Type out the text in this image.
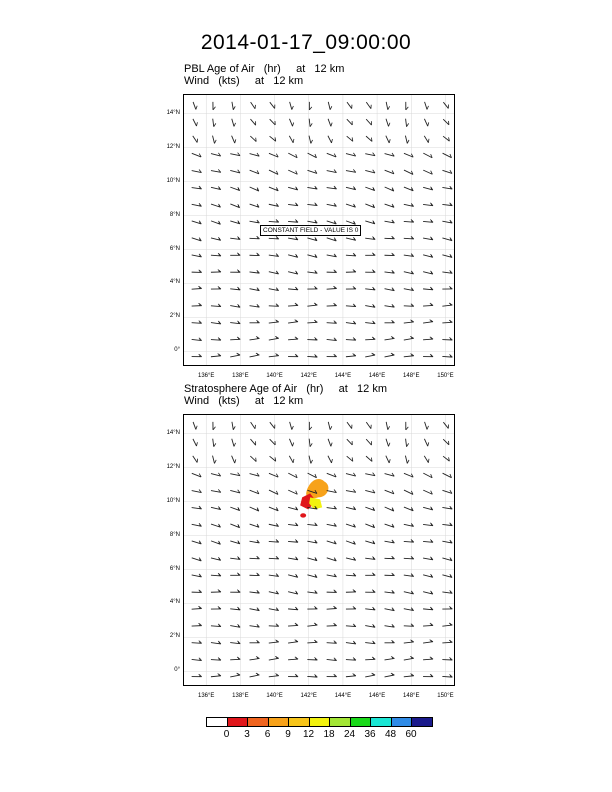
2014-01-17_09:00:00
PBL Age of Air   (hr)     at   12 km
Wind   (kts)     at   12 km
CONSTANT FIELD - VALUE IS 0
14°N
12°N
10°N
8°N
6°N
4°N
2°N
0°
136°E	138°E	140°E	142°E	144°E	146°E	148°E	150°E
Stratosphere Age of Air   (hr)     at   12 km
Wind   (kts)     at   12 km
14°N
12°N
10°N
8°N
6°N
4°N
2°N
0°
136°E	138°E	140°E	142°E	144°E	146°E	148°E	150°E
0	3	6	9	12 18 24 36 48 60
